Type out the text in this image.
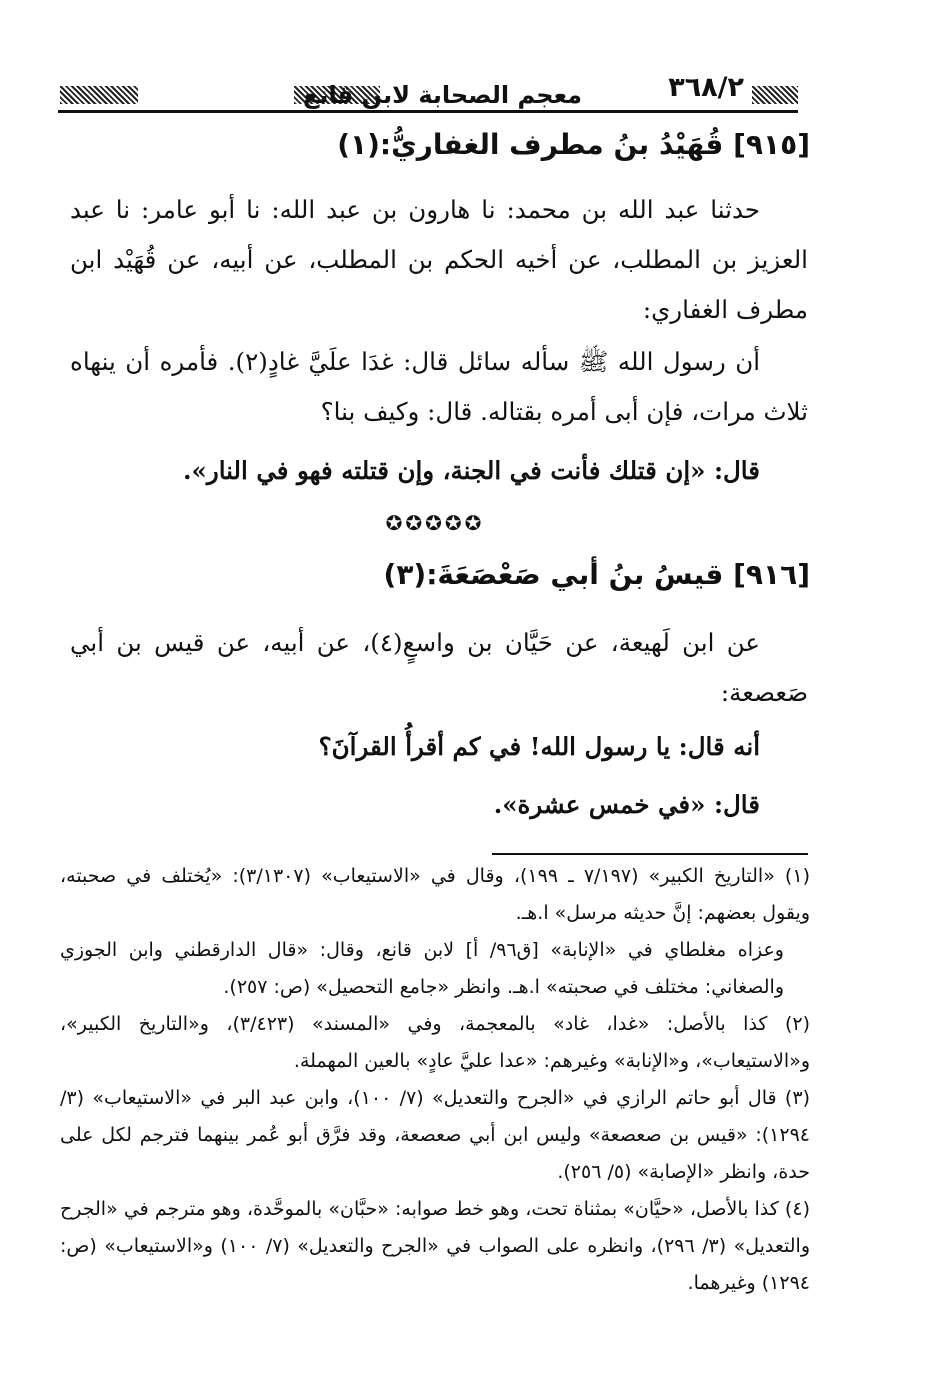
٣٦٨/٢
معجم الصحابة لابن قانع
[٩١٥] قُهَيْدُ بنُ مطرف الغفاريُّ:(١)
حدثنا عبد الله بن محمد: نا هارون بن عبد الله: نا أبو عامر: نا عبد العزيز بن المطلب، عن أخيه الحكم بن المطلب، عن أبيه، عن قُهَيْد ابن مطرف الغفاري:
أن رسول الله ﷺ سأله سائل قال: غدَا علَيَّ غادٍ(٢). فأمره أن ينهاه ثلاث مرات، فإن أبى أمره بقتاله. قال: وكيف بنا؟
قال: «إن قتلك فأنت في الجنة، وإن قتلته فهو في النار».
✪✪✪✪✪
[٩١٦] قيسُ بنُ أبي صَعْصَعَةَ:(٣)
عن ابن لَهيعة، عن حَيَّان بن واسعٍ(٤)، عن أبيه، عن قيس بن أبي صَعصعة:
أنه قال: يا رسول الله! في كم أقرأُ القرآنَ؟
قال: «في خمس عشرة».

(١) «التاريخ الكبير» (٧/١٩٧ ـ ١٩٩)، وقال في «الاستيعاب» (٣/١٣٠٧): «يُختلف في صحبته، ويقول بعضهم: إنَّ حديثه مرسل» ا.هـ.

وعزاه مغلطاي في «الإنابة» [ق٩٦/ أ] لابن قانع، وقال: «قال الدارقطني وابن الجوزي والصغاني: مختلف في صحبته» ا.هـ. وانظر «جامع التحصيل» (ص: ٢٥٧).

(٢) كذا بالأصل: «غدا، غاد» بالمعجمة، وفي «المسند» (٣/٤٢٣)، و«التاريخ الكبير»، و«الاستيعاب»، و«الإنابة» وغيرهم: «عدا عليَّ عادٍ» بالعين المهملة.

(٣) قال أبو حاتم الرازي في «الجرح والتعديل» (٧/ ١٠٠)، وابن عبد البر في «الاستيعاب» (٣/ ١٢٩٤): «قيس بن صعصعة» وليس ابن أبي صعصعة، وقد فرَّق أبو عُمر بينهما فترجم لكل على حدة، وانظر «الإصابة» (٥/ ٢٥٦).

(٤) كذا بالأصل، «حيَّان» بمثناة تحت، وهو خط صوابه: «حبَّان» بالموحَّدة، وهو مترجم في «الجرح والتعديل» (٣/ ٢٩٦)، وانظره على الصواب في «الجرح والتعديل» (٧/ ١٠٠) و«الاستيعاب» (ص: ١٢٩٤) وغيرهما.
